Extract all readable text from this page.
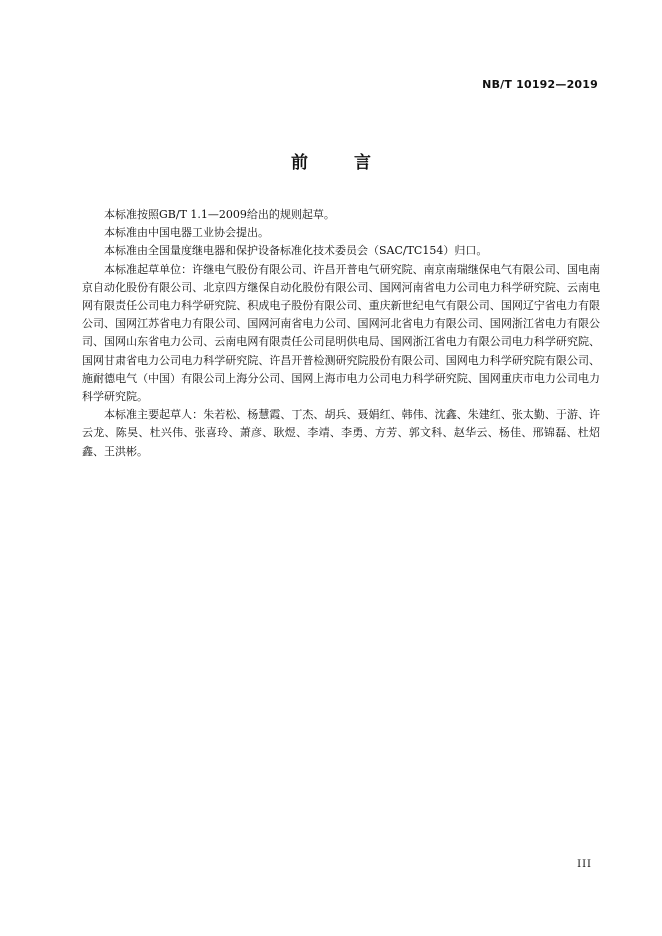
NB/T 10192—2019
前 言

本标准按照GB/T 1.1—2009给出的规则起草。

本标准由中国电器工业协会提出。

本标准由全国量度继电器和保护设备标准化技术委员会（SAC/TC154）归口。

本标准起草单位：许继电气股份有限公司、许昌开普电气研究院、南京南瑞继保电气有限公司、国电南京自动化股份有限公司、北京四方继保自动化股份有限公司、国网河南省电力公司电力科学研究院、云南电网有限责任公司电力科学研究院、积成电子股份有限公司、重庆新世纪电气有限公司、国网辽宁省电力有限公司、国网江苏省电力有限公司、国网河南省电力公司、国网河北省电力有限公司、国网浙江省电力有限公司、国网山东省电力公司、云南电网有限责任公司昆明供电局、国网浙江省电力有限公司电力科学研究院、国网甘肃省电力公司电力科学研究院、许昌开普检测研究院股份有限公司、国网电力科学研究院有限公司、施耐德电气（中国）有限公司上海分公司、国网上海市电力公司电力科学研究院、国网重庆市电力公司电力科学研究院。

本标准主要起草人：朱若松、杨慧霞、丁杰、胡兵、聂娟红、韩伟、沈鑫、朱建红、张太勤、于游、许云龙、陈昊、杜兴伟、张喜玲、萧彦、耿煜、李靖、李勇、方芳、郭文科、赵华云、杨佳、邢锦磊、杜炤鑫、王洪彬。

III
